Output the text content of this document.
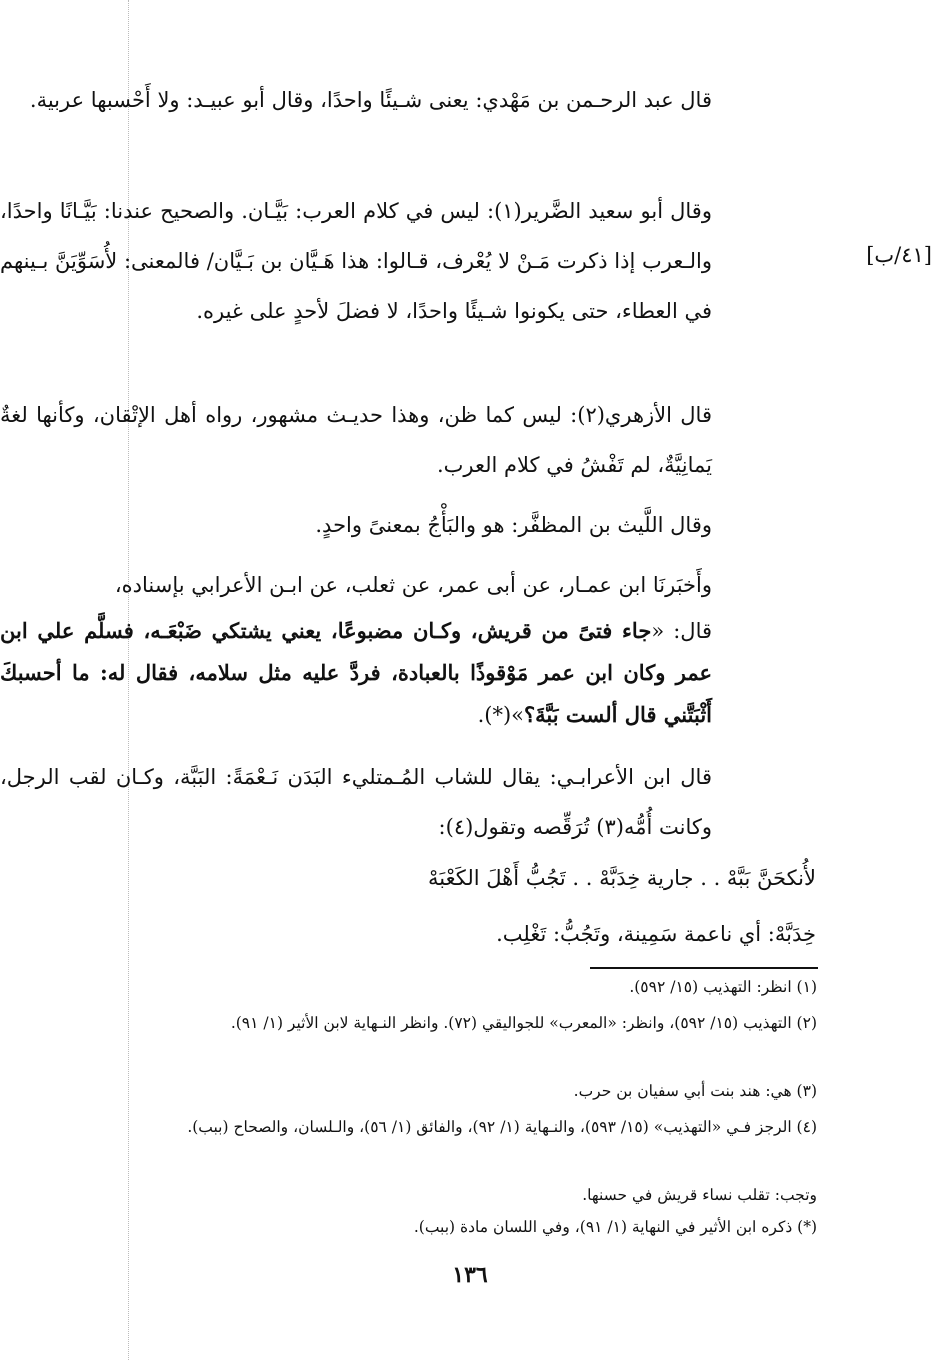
قال عبد الرحـمن بن مَهْدي: يعنى شـيئًا واحدًا، وقال أبو عبيـد: ولا أَحْسبها عربية.
وقال أبو سعيد الضَّرير(١): ليس في كلام العرب: بَيَّـان. والصحيح عندنا: بَيَّـانًا واحدًا، والـعرب إذا ذكرت مَـنْ لا يُعْرف، قـالوا: هذا هَـيَّان بن بَـيَّان/ فالمعنى: لأُسَوِّيَنَّ بـينهم في العطاء، حتى يكونوا شـيئًا واحدًا، لا فضلَ لأحدٍ على غيره.
[٤١/ب]
قال الأزهري(٢): ليس كما ظن، وهذا حديـث مشهور، رواه أهل الإتْقان، وكأنها لغةٌ يَمانِيَّةٌ، لم تَفْشُ في كلام العرب.
وقال اللَّيث بن المظفَّر: هو والبَأْجُ بمعنىً واحدٍ.
وأَخبَرنَا ابن عمـار، عن أبى عمر، عن ثعلب، عن ابـن الأعرابي بإسناده،
قال: «جاء فتىً من قريش، وكـان مضبوعًا، يعني يشتكي ضَبْعَـه، فسلَّم علي ابن عمر وكان ابن عمر مَوْقوذًا بالعبادة، فردَّ عليه مثل سلامه، فقال له: ما أحسبكَ أَثْبَتَّني قال ألست بَبَّةَ؟»(*).
قال ابن الأعرابـي: يقال للشاب المُـمتليء البَدَن نَـعْمَةً: البَبَّة، وكـان لقب الرجل، وكانت أُمُّه(٣) تُرَقِّصه وتقول(٤):
لأُنكحَنَّ بَبَّهْ . . جارية خِدَبَّهْ . . تَجُبُّ أَهْلَ الكَعْبَهْ
خِدَبَّهْ: أي ناعمة سَمِينة، وتَجُبُّ: تَغْلِب.
(١) انظر: التهذيب (١٥/ ٥٩٢).
(٢) التهذيب (١٥/ ٥٩٢)، وانظر: «المعرب» للجواليقي (٧٢). وانظر النـهاية لابن الأثير (١/ ٩١).
(٣) هي: هند بنت أبي سفيان بن حرب.
(٤) الرجز فـي «التهذيب» (١٥/ ٥٩٣)، والنـهاية (١/ ٩٢)، والفائق (١/ ٥٦)، والـلسان، والصحاح (ببب).
وتجب: تقلب نساء قريش في حسنها.
(*) ذكره ابن الأثير في النهاية (١/ ٩١)، وفي اللسان مادة (ببب).
١٣٦
